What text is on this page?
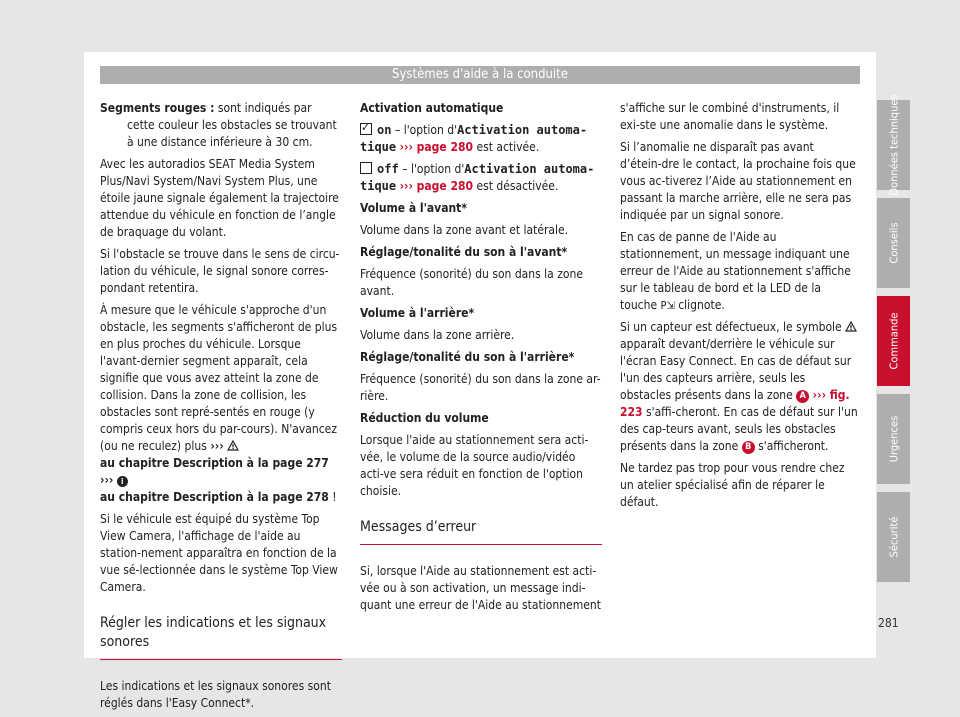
Systèmes d'aide à la conduite

Segments rouges : sont indiqués par cette couleur les obstacles se trouvant à une distance inférieure à 30 cm.

Avec les autoradios SEAT Media System Plus/Navi System/Navi System Plus, une étoile jaune signale également la trajectoire attendue du véhicule en fonction de l’angle de braquage du volant.

Si l'obstacle se trouve dans le sens de circu-lation du véhicule, le signal sonore corres-pondant retentira.

À mesure que le véhicule s'approche d'un obstacle, les segments s'afficheront de plus en plus proches du véhicule. Lorsque l'avant-dernier segment apparaît, cela signifie que vous avez atteint la zone de collision. Dans la zone de collision, les obstacles sont repré-sentés en rouge (y compris ceux hors du par-cours). N'avancez (ou ne reculez) plus ›››
au chapitre Description à la page 277 ››› i
au chapitre Description à la page 278 !

Si le véhicule est équipé du système Top View Camera, l'affichage de l'aide au station-nement apparaîtra en fonction de la vue sé-lectionnée dans le système Top View Camera.

Régler les indications et les signaux sonores

Les indications et les signaux sonores sont réglés dans l'Easy Connect*.

Activation automatique

✓on – l'option d'Activation automa-tique ››› page 280 est activée.

off – l'option d'Activation automa-tique ››› page 280 est désactivée.

Volume à l'avant*

Volume dans la zone avant et latérale.

Réglage/tonalité du son à l'avant*

Fréquence (sonorité) du son dans la zone avant.

Volume à l'arrière*

Volume dans la zone arrière.

Réglage/tonalité du son à l'arrière*

Fréquence (sonorité) du son dans la zone ar-rière.

Réduction du volume

Lorsque l'aide au stationnement sera acti-vée, le volume de la source audio/vidéo acti-ve sera réduit en fonction de l'option choisie.

Messages d’erreur

Si, lorsque l'Aide au stationnement est acti-vée ou à son activation, un message indi-quant une erreur de l'Aide au stationnement

s'affiche sur le combiné d'instruments, il exi-ste une anomalie dans le système.

Si l’anomalie ne disparaît pas avant d’étein-dre le contact, la prochaine fois que vous ac-tiverez l’Aide au stationnement en passant la marche arrière, elle ne sera pas indiquée par un signal sonore.

En cas de panne de l'Aide au stationnement, un message indiquant une erreur de l'Aide au stationnement s'affiche sur le tableau de bord et la LED de la touche P⇲ clignote.

Si un capteur est défectueux, le symbole  apparaît devant/derrière le véhicule sur l'écran Easy Connect. En cas de défaut sur l'un des capteurs arrière, seuls les obstacles présents dans la zone A ››› fig. 223 s'affi-cheront. En cas de défaut sur l'un des cap-teurs avant, seuls les obstacles présents dans la zone B s'afficheront.

Ne tardez pas trop pour vous rendre chez un atelier spécialisé afin de réparer le défaut.

Données techniques
Conseils
Commande
Urgences
Sécurité
281
